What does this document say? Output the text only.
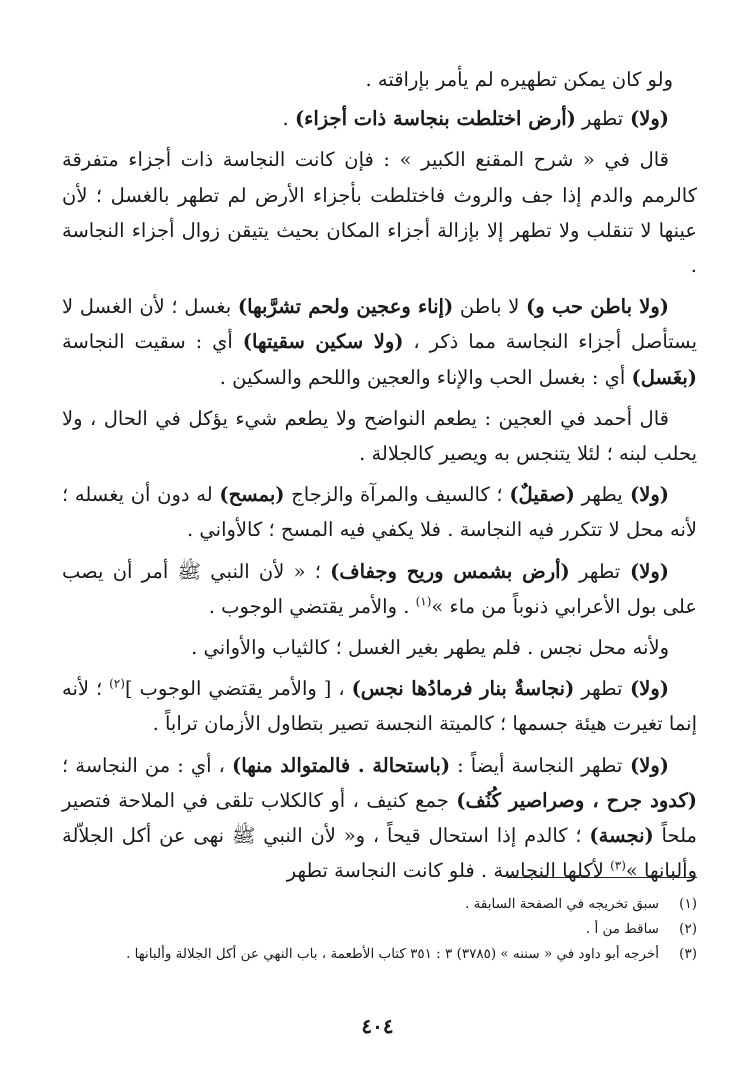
ولو كان يمكن تطهيره لم يأمر بإراقته .

(ولا) تطهر (أرض اختلطت بنجاسة ذات أجزاء) .

قال في « شرح المقنع الكبير » : فإن كانت النجاسة ذات أجزاء متفرقة كالرمم والدم إذا جف والروث فاختلطت بأجزاء الأرض لم تطهر بالغسل ؛ لأن عينها لا تنقلب ولا تطهر إلا بإزالة أجزاء المكان بحيث يتيقن زوال أجزاء النجاسة .

(ولا باطن حب و) لا باطن (إناء وعجين ولحم تشرَّبها) بغسل ؛ لأن الغسل لا يستأصل أجزاء النجاسة مما ذكر ، (ولا سكين سقيتها) أي : سقيت النجاسة (بغَسل) أي : بغسل الحب والإناء والعجين واللحم والسكين .

قال أحمد في العجين : يطعم النواضح ولا يطعم شيء يؤكل في الحال ، ولا يحلب لبنه ؛ لئلا يتنجس به ويصير كالجلالة .

(ولا) يطهر (صقيلٌ) ؛ كالسيف والمرآة والزجاج (بمسح) له دون أن يغسله ؛ لأنه محل لا تتكرر فيه النجاسة . فلا يكفي فيه المسح ؛ كالأواني .

(ولا) تطهر (أرض بشمس وريح وجفاف) ؛ « لأن النبي ﷺ أمر أن يصب على بول الأعرابي ذنوباً من ماء »$^{(١)}$ . والأمر يقتضي الوجوب .

ولأنه محل نجس . فلم يطهر بغير الغسل ؛ كالثياب والأواني .

(ولا) تطهر (نجاسةٌ بنار فرمادُها نجس) ، [ والأمر يقتضي الوجوب ]$^{(٢)}$ ؛ لأنه إنما تغيرت هيئة جسمها ؛ كالميتة النجسة تصير بتطاول الأزمان تراباً .

(ولا) تطهر النجاسة أيضاً : (باستحالة . فالمتوالد منها) ، أي : من النجاسة ؛ (كدود جرح ، وصراصير كُنُف) جمع كنيف ، أو كالكلاب تلقى في الملاحة فتصير ملحاً (نجسة) ؛ كالدم إذا استحال قيحاً ، و« لأن النبي ﷺ نهى عن أكل الجلاّلة وألبانها »$^{(٣)}$ لأكلها النجاسة . فلو كانت النجاسة تطهر

(١)
سبق تخريجه في الصفحة السابقة .
(٢)
ساقط من أ .
(٣)
أخرجه أبو داود في « سننه » (٣٧٨٥) ٣ : ٣٥١ كتاب الأطعمة ، باب النهي عن أكل الجلالة وألبانها .
٤٠٤
